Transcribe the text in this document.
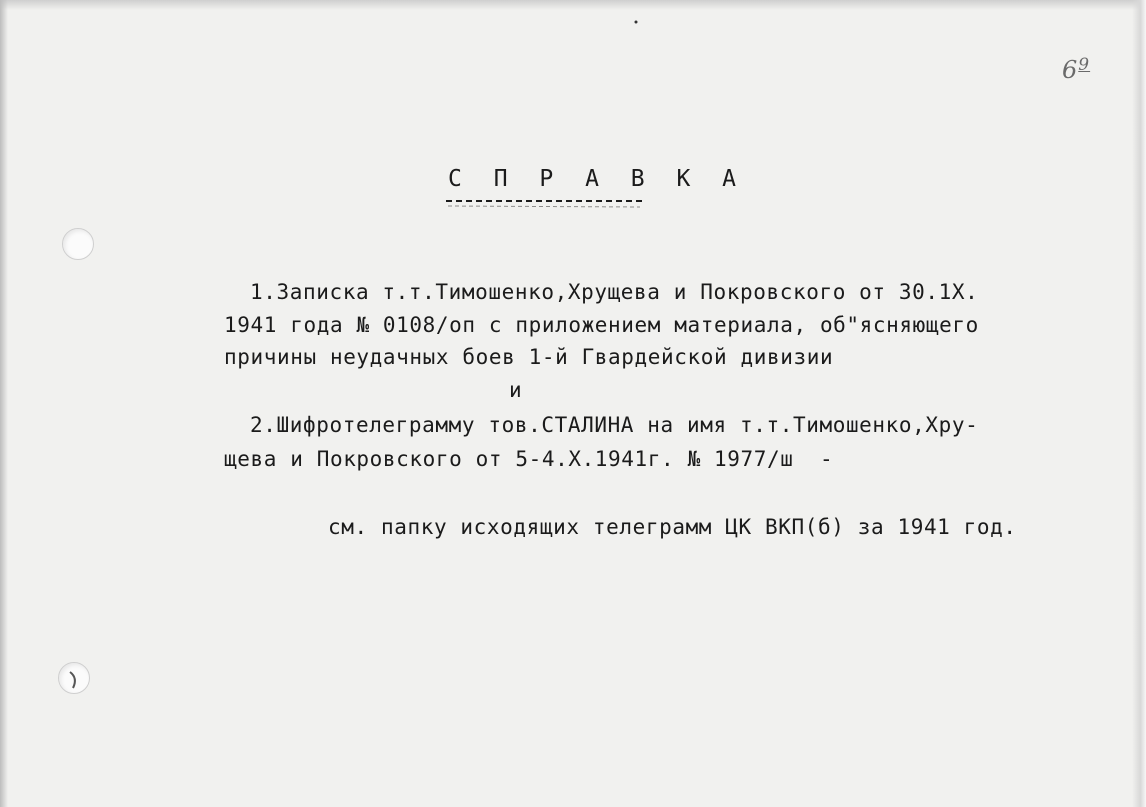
$6^9$
С П Р А В К А
1.Записка т.т.Тимошенко,Хрущева и Покровского от 30.1Х.
1941 года № 0108/оп с приложением материала, об"ясняющего
причины неудачных боев 1-й Гвардейской дивизии
и
2.Шифротелеграмму тов.СТАЛИНА на имя т.т.Тимошенко,Хру-
щева и Покровского от 5-4.Х.1941г. № 1977/ш  -
см. папку исходящих телеграмм ЦК ВКП(б) за 1941 год.
